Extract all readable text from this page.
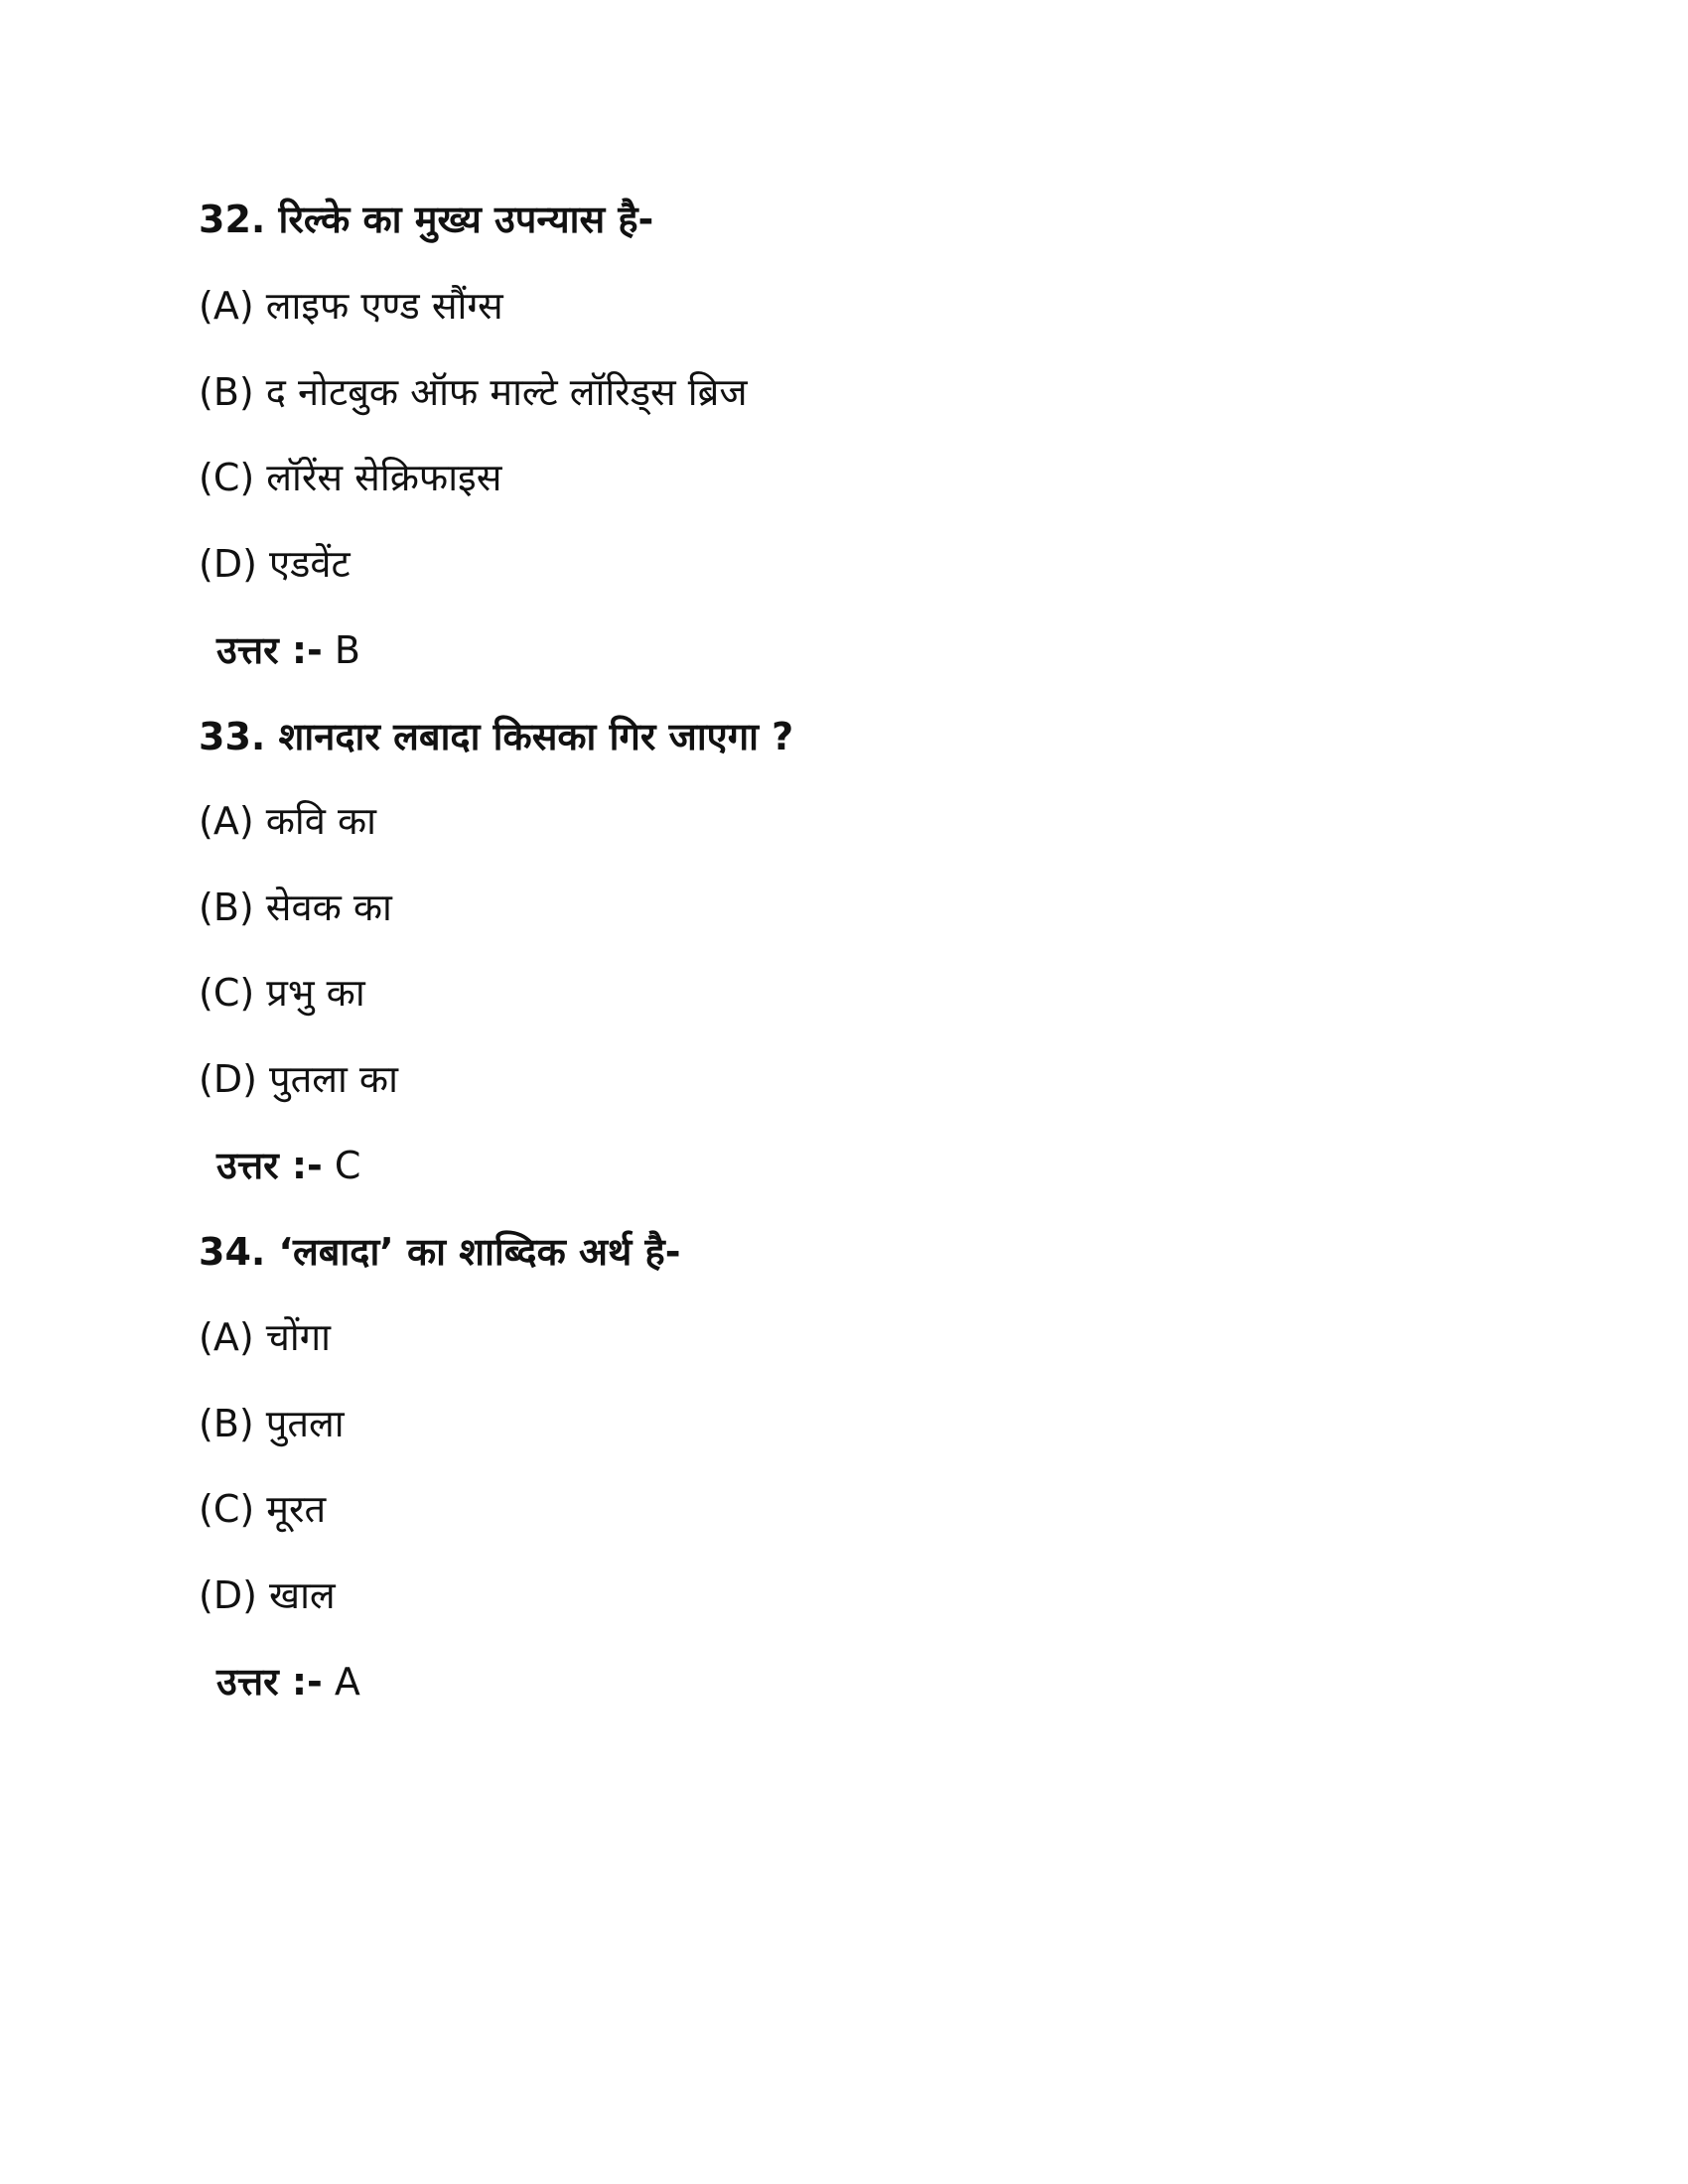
32. रिल्के का मुख्य उपन्यास है-
(A) लाइफ एण्ड सौंग्स
(B) द नोटबुक ऑफ माल्टे लॉरिड्स ब्रिज
(C) लॉरेंस सेक्रिफाइस
(D) एडवेंट
उत्तर :- B
33. शानदार लबादा किसका गिर जाएगा ?
(A) कवि का
(B) सेवक का
(C) प्रभु का
(D) पुतला का
उत्तर :- C
34. ‘लबादा’ का शाब्दिक अर्थ है-
(A) चोंगा
(B) पुतला
(C) मूरत
(D) खाल
उत्तर :- A
